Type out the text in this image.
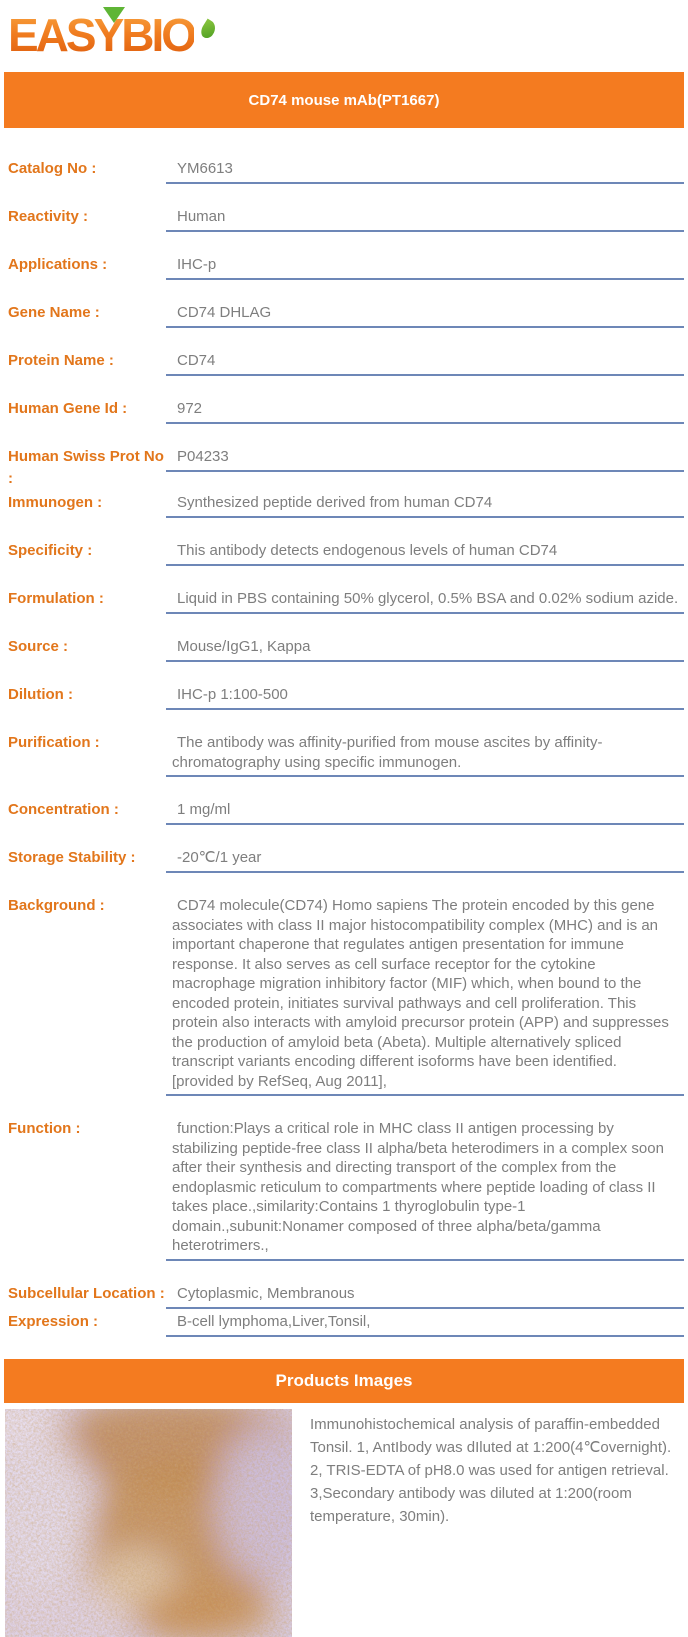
EASYBIO
CD74 mouse mAb(PT1667)
Catalog No :	YM6613
Reactivity :	Human
Applications :	IHC-p
Gene Name :	CD74 DHLAG
Protein Name :	CD74
Human Gene Id :	972
Human Swiss Prot No :
P04233
Immunogen :	Synthesized peptide derived from human CD74
Specificity :	This antibody detects endogenous levels of human CD74
Formulation :	Liquid in PBS containing 50% glycerol, 0.5% BSA and 0.02% sodium azide.
Source :	Mouse/IgG1, Kappa
Dilution :	IHC-p 1:100-500
Purification :	The antibody was affinity-purified from mouse ascites by affinity-chromatography using specific immunogen.
Concentration :	1 mg/ml
Storage Stability :	-20℃/1 year
Background :	CD74 molecule(CD74) Homo sapiens The protein encoded by this gene associates with class II major histocompatibility complex (MHC) and is an important chaperone that regulates antigen presentation for immune response. It also serves as cell surface receptor for the cytokine macrophage migration inhibitory factor (MIF) which, when bound to the encoded protein, initiates survival pathways and cell proliferation. This protein also interacts with amyloid precursor protein (APP) and suppresses the production of amyloid beta (Abeta). Multiple alternatively spliced transcript variants encoding different isoforms have been identified. [provided by RefSeq, Aug 2011],
Function :	function:Plays a critical role in MHC class II antigen processing by stabilizing peptide-free class II alpha/beta heterodimers in a complex soon after their synthesis and directing transport of the complex from the endoplasmic reticulum to compartments where peptide loading of class II takes place.,similarity:Contains 1 thyroglobulin type-1 domain.,subunit:Nonamer composed of three alpha/beta/gamma heterotrimers.,
Subcellular Location : Cytoplasmic, Membranous
Expression :	B-cell lymphoma,Liver,Tonsil,
Products Images
Immunohistochemical analysis of paraffin-embedded Tonsil. 1, AntIbody was dIluted at 1:200(4℃overnight). 2, TRIS-EDTA of pH8.0 was used for antigen retrieval. 3,Secondary antibody was diluted at 1:200(room temperature, 30min).
